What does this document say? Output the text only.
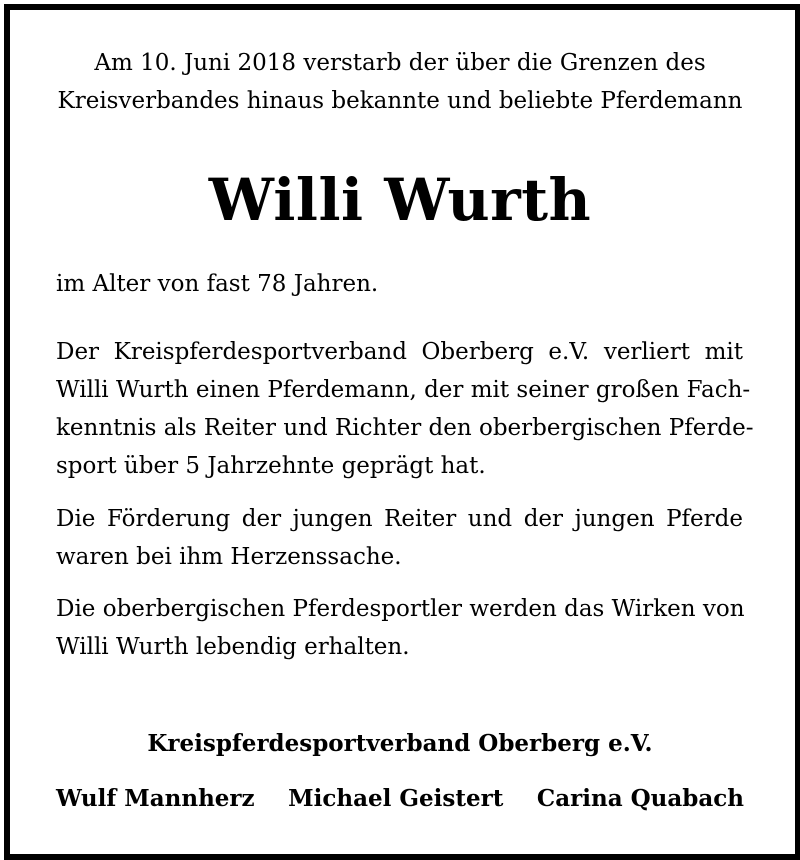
Am 10. Juni 2018 verstarb der über die Grenzen des
Kreisverbandes hinaus bekannte und beliebte Pferdemann

Willi Wurth

im Alter von fast 78 Jahren.

Der Kreispferdesportverband Oberberg e.V. verliert mit
Willi Wurth einen Pferdemann, der mit seiner großen Fach-
kenntnis als Reiter und Richter den oberbergischen Pferde-
sport über 5 Jahrzehnte geprägt hat.

Die Förderung der jungen Reiter und der jungen Pferde
waren bei ihm Herzenssache.

Die oberbergischen Pferdesportler werden das Wirken von
Willi Wurth lebendig erhalten.

Kreispferdesportverband Oberberg e.V.
Wulf Mannherz Michael Geistert Carina Quabach
